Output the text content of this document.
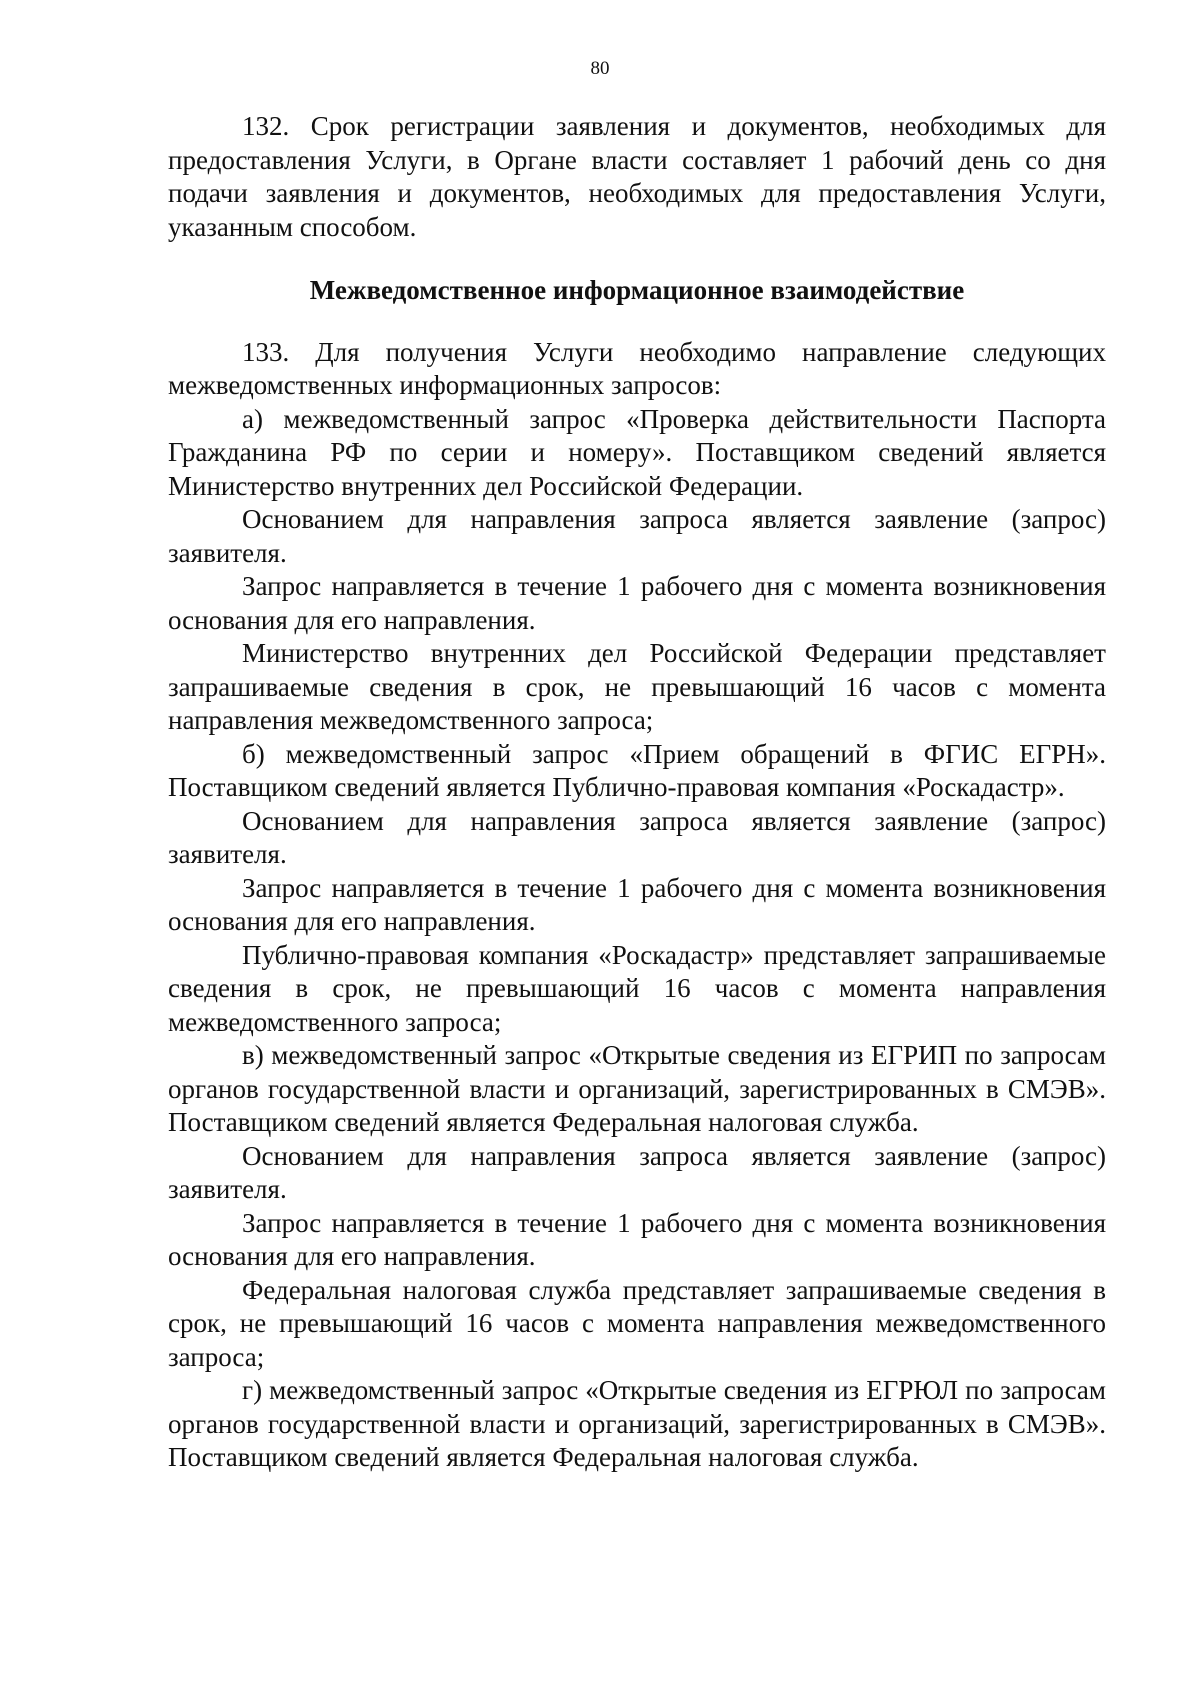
80

132. Срок регистрации заявления и документов, необходимых для предоставления Услуги, в Органе власти составляет 1 рабочий день со дня подачи заявления и документов, необходимых для предоставления Услуги, указанным способом.

Межведомственное информационное взаимодействие

133. Для получения Услуги необходимо направление следующих межведомственных информационных запросов:

а) межведомственный запрос «Проверка действительности Паспорта Гражданина РФ по серии и номеру». Поставщиком сведений является Министерство внутренних дел Российской Федерации.

Основанием для направления запроса является заявление (запрос) заявителя.

Запрос направляется в течение 1 рабочего дня с момента возникновения основания для его направления.

Министерство внутренних дел Российской Федерации представляет запрашиваемые сведения в срок, не превышающий 16 часов с момента направления межведомственного запроса;

б) межведомственный запрос «Прием обращений в ФГИС ЕГРН». Поставщиком сведений является Публично-правовая компания «Роскадастр».

Основанием для направления запроса является заявление (запрос) заявителя.

Запрос направляется в течение 1 рабочего дня с момента возникновения основания для его направления.

Публично-правовая компания «Роскадастр» представляет запрашиваемые сведения в срок, не превышающий 16 часов с момента направления межведомственного запроса;

в) межведомственный запрос «Открытые сведения из ЕГРИП по запросам органов государственной власти и организаций, зарегистрированных в СМЭВ». Поставщиком сведений является Федеральная налоговая служба.

Основанием для направления запроса является заявление (запрос) заявителя.

Запрос направляется в течение 1 рабочего дня с момента возникновения основания для его направления.

Федеральная налоговая служба представляет запрашиваемые сведения в срок, не превышающий 16 часов с момента направления межведомственного запроса;

г) межведомственный запрос «Открытые сведения из ЕГРЮЛ по запросам органов государственной власти и организаций, зарегистрированных в СМЭВ». Поставщиком сведений является Федеральная налоговая служба.
